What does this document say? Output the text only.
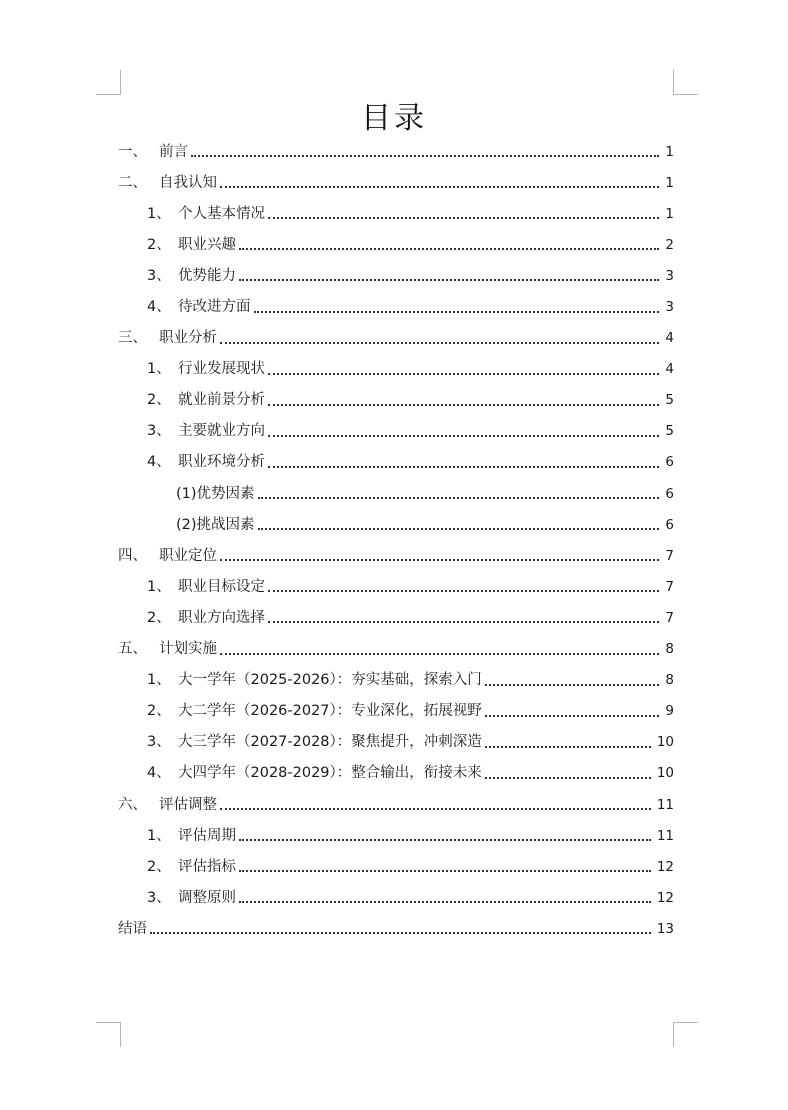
目录
一、 前言	1
二、 自我认知	1
1、 个人基本情况	1
2、 职业兴趣	2
3、 优势能力	3
4、 待改进方面	3
三、 职业分析	4
1、 行业发展现状	4
2、 就业前景分析	5
3、 主要就业方向	5
4、 职业环境分析	6
(1)优势因素	6
(2)挑战因素	6
四、 职业定位	7
1、 职业目标设定	7
2、 职业方向选择	7
五、 计划实施	8
1、 大一学年（2025-2026）：夯实基础，探索入门	8
2、 大二学年（2026-2027）：专业深化，拓展视野	9
3、 大三学年（2027-2028）：聚焦提升，冲刺深造	10
4、 大四学年（2028-2029）：整合输出，衔接未来	10
六、 评估调整	11
1、 评估周期	11
2、 评估指标	12
3、 调整原则	12
结语	13
